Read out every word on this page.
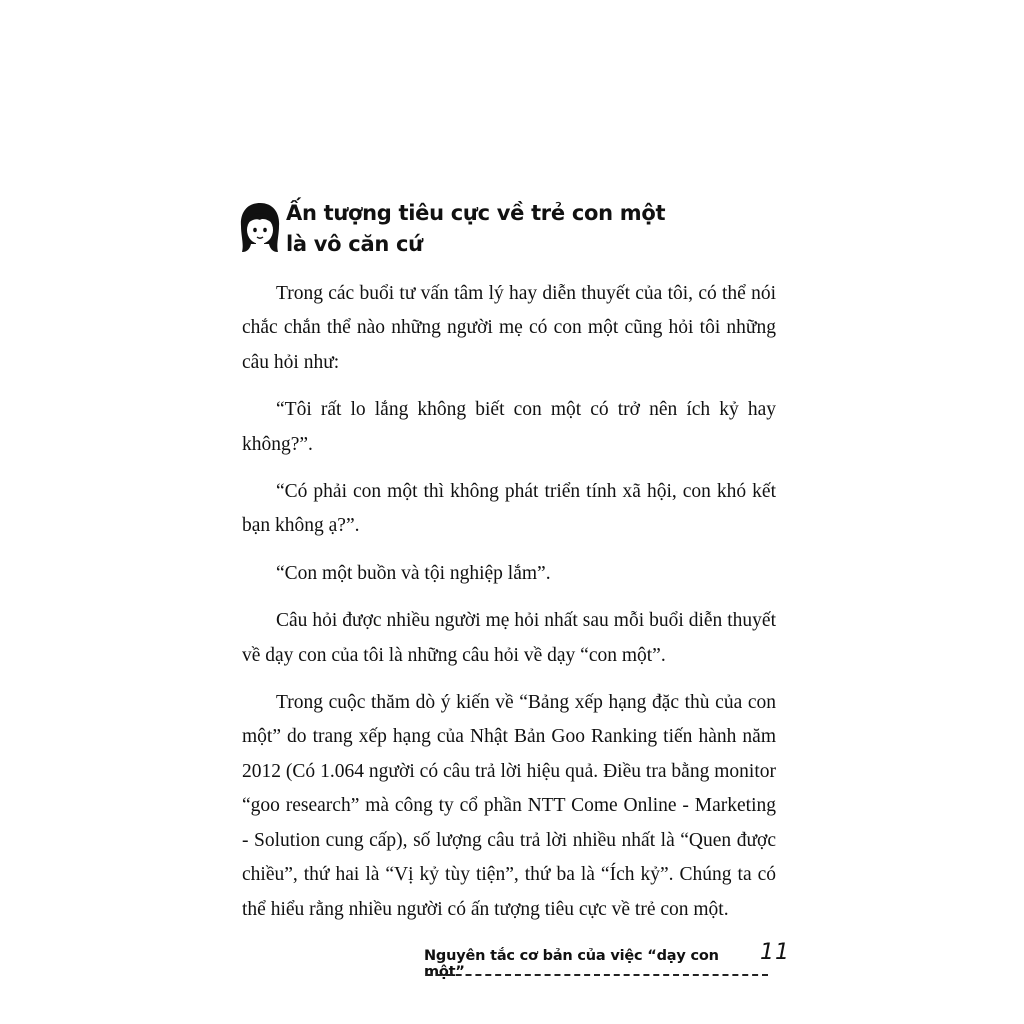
Ấn tượng tiêu cực về trẻ con một
là vô căn cứ

Trong các buổi tư vấn tâm lý hay diễn thuyết của tôi, có thể nói chắc chắn thể nào những người mẹ có con một cũng hỏi tôi những câu hỏi như:

“Tôi rất lo lắng không biết con một có trở nên ích kỷ hay không?”.

“Có phải con một thì không phát triển tính xã hội, con khó kết bạn không ạ?”.

“Con một buồn và tội nghiệp lắm”.

Câu hỏi được nhiều người mẹ hỏi nhất sau mỗi buổi diễn thuyết về dạy con của tôi là những câu hỏi về dạy “con một”.

Trong cuộc thăm dò ý kiến về “Bảng xếp hạng đặc thù của con một” do trang xếp hạng của Nhật Bản Goo Ranking tiến hành năm 2012 (Có 1.064 người có câu trả lời hiệu quả. Điều tra bằng monitor “goo research” mà công ty cổ phần NTT Come Online - Marketing - Solution cung cấp), số lượng câu trả lời nhiều nhất là “Quen được chiều”, thứ hai là “Vị kỷ tùy tiện”, thứ ba là “Ích kỷ”. Chúng ta có thể hiểu rằng nhiều người có ấn tượng tiêu cực về trẻ con một.

Nguyên tắc cơ bản của việc “dạy con một”
11
